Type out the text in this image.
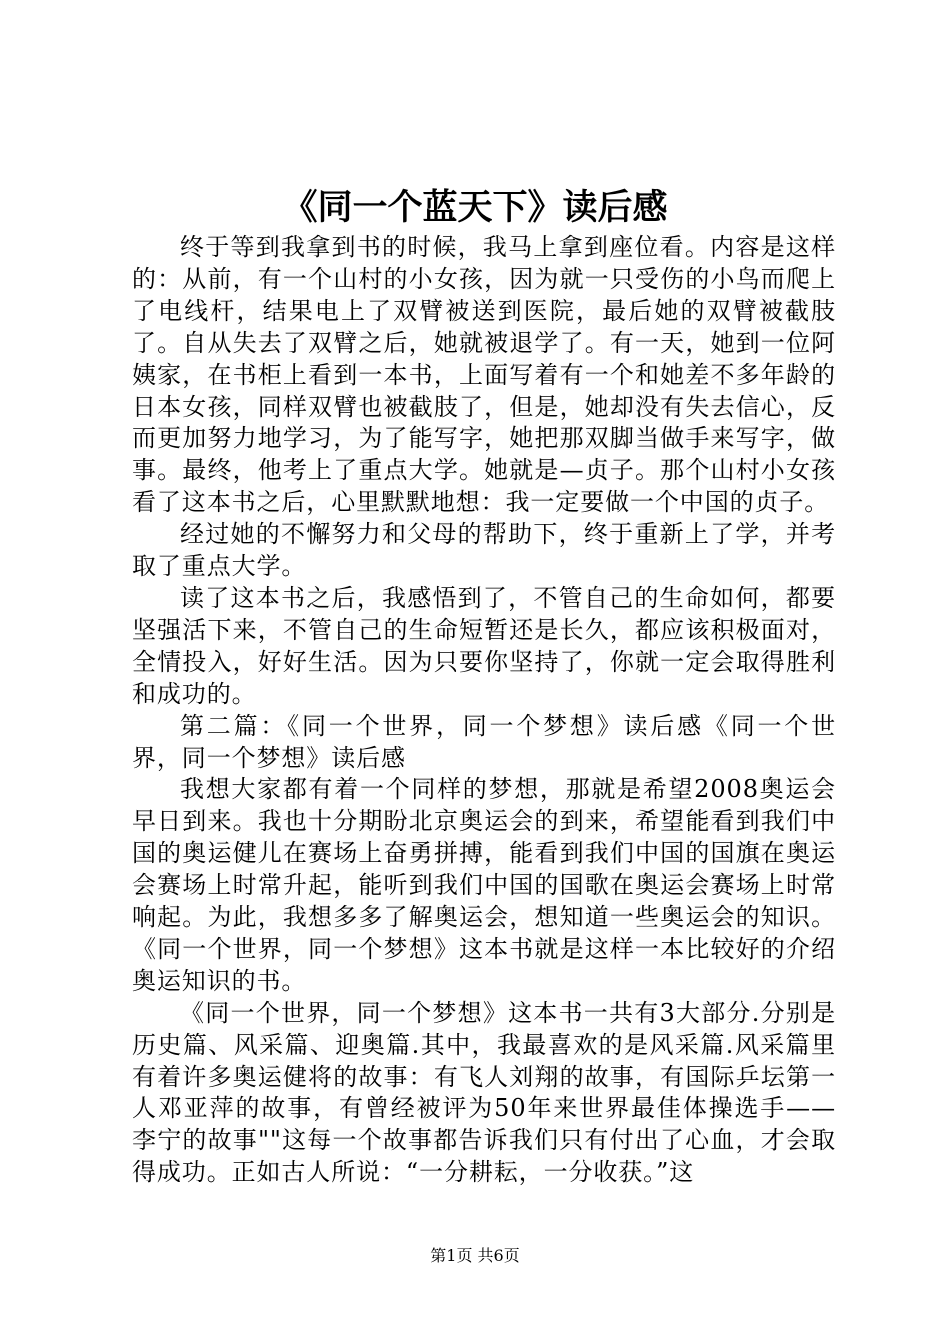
《同一个蓝天下》读后感

终于等到我拿到书的时候，我马上拿到座位看。内容是这样的：从前，有一个山村的小女孩，因为就一只受伤的小鸟而爬上了电线杆，结果电上了双臂被送到医院，最后她的双臂被截肢了。自从失去了双臂之后，她就被退学了。有一天，她到一位阿姨家，在书柜上看到一本书，上面写着有一个和她差不多年龄的日本女孩，同样双臂也被截肢了，但是，她却没有失去信心，反而更加努力地学习，为了能写字，她把那双脚当做手来写字，做事。最终，他考上了重点大学。她就是—贞子。那个山村小女孩看了这本书之后，心里默默地想：我一定要做一个中国的贞子。

经过她的不懈努力和父母的帮助下，终于重新上了学，并考取了重点大学。

读了这本书之后，我感悟到了，不管自己的生命如何，都要坚强活下来，不管自己的生命短暂还是长久，都应该积极面对，全情投入，好好生活。因为只要你坚持了，你就一定会取得胜利和成功的。

第二篇：《同一个世界，同一个梦想》读后感《同一个世界，同一个梦想》读后感

我想大家都有着一个同样的梦想，那就是希望2008奥运会早日到来。我也十分期盼北京奥运会的到来，希望能看到我们中国的奥运健儿在赛场上奋勇拼搏，能看到我们中国的国旗在奥运会赛场上时常升起，能听到我们中国的国歌在奥运会赛场上时常响起。为此，我想多多了解奥运会，想知道一些奥运会的知识。《同一个世界，同一个梦想》这本书就是这样一本比较好的介绍奥运知识的书。

《同一个世界，同一个梦想》这本书一共有3大部分.分别是历史篇、风采篇、迎奥篇.其中，我最喜欢的是风采篇.风采篇里有着许多奥运健将的故事：有飞人刘翔的故事，有国际乒坛第一人邓亚萍的故事，有曾经被评为50年来世界最佳体操选手——李宁的故事""这每一个故事都告诉我们只有付出了心血，才会取得成功。正如古人所说：“一分耕耘，一分收获。”这

第1页 共6页
